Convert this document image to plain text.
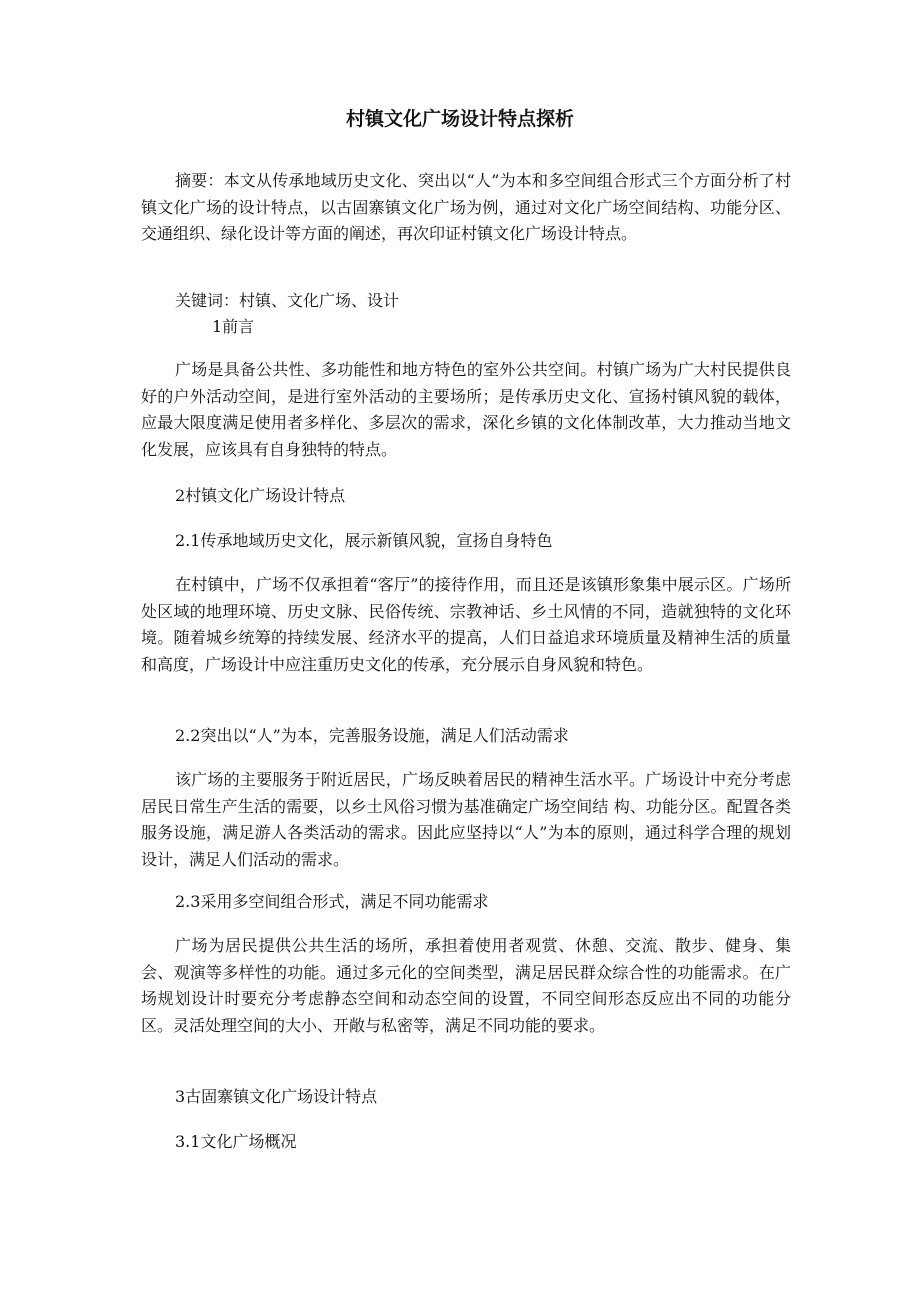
村镇文化广场设计特点探析

摘要：本文从传承地域历史文化、突出以“人”为本和多空间组合形式三个方面分析了村镇文化广场的设计特点，以古固寨镇文化广场为例，通过对文化广场空间结构、功能分区、交通组织、绿化设计等方面的阐述，再次印证村镇文化广场设计特点。

关键词：村镇、文化广场、设计

1前言

广场是具备公共性、多功能性和地方特色的室外公共空间。村镇广场为广大村民提供良好的户外活动空间，是进行室外活动的主要场所；是传承历史文化、宣扬村镇风貌的载体，应最大限度满足使用者多样化、多层次的需求，深化乡镇的文化体制改革，大力推动当地文化发展，应该具有自身独特的特点。

2村镇文化广场设计特点

2.1传承地域历史文化，展示新镇风貌，宣扬自身特色

在村镇中，广场不仅承担着“客厅”的接待作用，而且还是该镇形象集中展示区。广场所处区域的地理环境、历史文脉、民俗传统、宗教神话、乡土风情的不同，造就独特的文化环境。随着城乡统筹的持续发展、经济水平的提高，人们日益追求环境质量及精神生活的质量和高度，广场设计中应注重历史文化的传承，充分展示自身风貌和特色。

2.2突出以“人”为本，完善服务设施，满足人们活动需求

该广场的主要服务于附近居民，广场反映着居民的精神生活水平。广场设计中充分考虑居民日常生产生活的需要，以乡土风俗习惯为基准确定广场空间结 构、功能分区。配置各类服务设施，满足游人各类活动的需求。因此应坚持以“人”为本的原则，通过科学合理的规划设计，满足人们活动的需求。

2.3采用多空间组合形式，满足不同功能需求

广场为居民提供公共生活的场所，承担着使用者观赏、休憩、交流、散步、健身、集会、观演等多样性的功能。通过多元化的空间类型，满足居民群众综合性的功能需求。在广场规划设计时要充分考虑静态空间和动态空间的设置，不同空间形态反应出不同的功能分区。灵活处理空间的大小、开敞与私密等，满足不同功能的要求。

3古固寨镇文化广场设计特点

3.1文化广场概况
